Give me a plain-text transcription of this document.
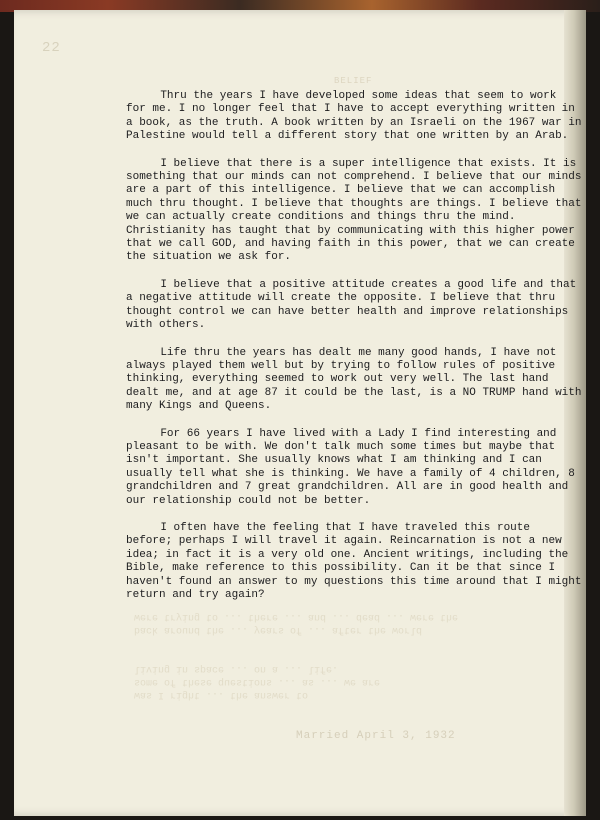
22
BELIEF
back around the ... years of ... after the world
were trying to ... there ... and ... dead ... were the
was I right ... the answer to
some of these questions ... as ... we are
living in space ... on a ... life.
Married April 3, 1932

Thru the years I have developed some ideas that seem to work for me. I no longer feel that I have to accept everything written in a book, as the truth. A book written by an Israeli on the 1967 war in Palestine would tell a different story that one written by an Arab.

I believe that there is a super intelligence that exists. It is something that our minds can not comprehend. I believe that our minds are a part of this intelligence. I believe that we can accomplish much thru thought. I believe that thoughts are things. I believe that we can actually create conditions and things thru the mind. Christianity has taught that by communicating with this higher power that we call GOD, and having faith in this power, that we can create the situation we ask for.

I believe that a positive attitude creates a good life and that a negative attitude will create the opposite. I believe that thru thought control we can have better health and improve relationships with others.

Life thru the years has dealt me many good hands, I have not always played them well but by trying to follow rules of positive thinking, everything seemed to work out very well. The last hand dealt me, and at age 87 it could be the last, is a NO TRUMP hand with many Kings and Queens.

For 66 years I have lived with a Lady I find interesting and pleasant to be with. We don't talk much some times but maybe that isn't important. She usually knows what I am thinking and I can usually tell what she is thinking. We have a family of 4 children, 8 grandchildren and 7 great grandchildren. All are in good health and our relationship could not be better.

I often have the feeling that I have traveled this route before; perhaps I will travel it again. Reincarnation is not a new idea; in fact it is a very old one. Ancient writings, including the Bible, make reference to this possibility. Can it be that since I haven't found an answer to my questions this time around that I might return and try again?
